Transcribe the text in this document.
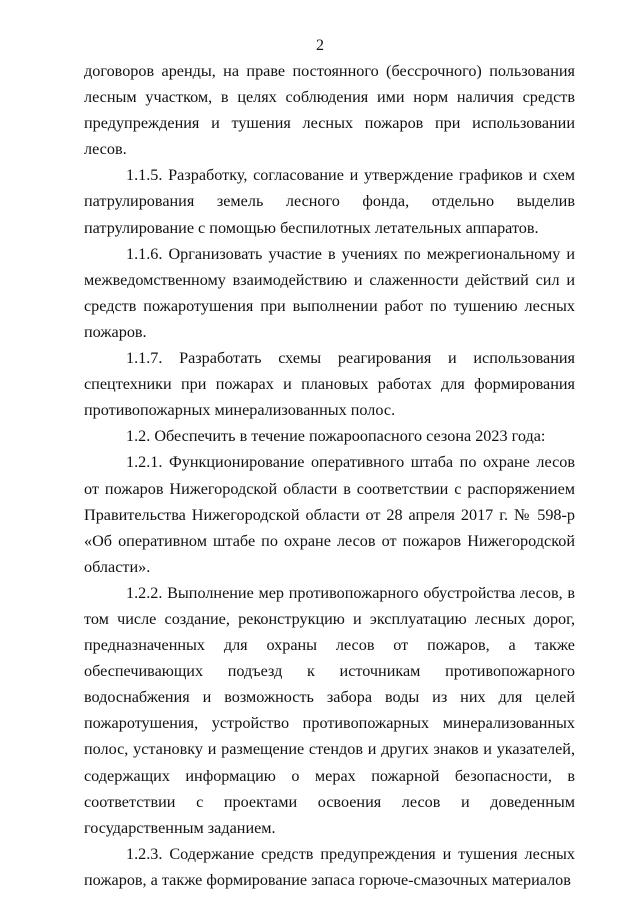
2

договоров аренды, на праве постоянного (бессрочного) пользования лесным участком, в целях соблюдения ими норм наличия средств предупреждения и тушения лесных пожаров при использовании лесов.

1.1.5. Разработку, согласование и утверждение графиков и схем патрулирования земель лесного фонда, отдельно выделив патрулирование с помощью беспилотных летательных аппаратов.

1.1.6. Организовать участие в учениях по межрегиональному и межведомственному взаимодействию и слаженности действий сил и средств пожаротушения при выполнении работ по тушению лесных пожаров.

1.1.7. Разработать схемы реагирования и использования спецтехники при пожарах и плановых работах для формирования противопожарных минерализованных полос.

1.2. Обеспечить в течение пожароопасного сезона 2023 года:

1.2.1. Функционирование оперативного штаба по охране лесов от пожаров Нижегородской области в соответствии с распоряжением Правительства Нижегородской области от 28 апреля 2017 г. № 598-р «Об оперативном штабе по охране лесов от пожаров Нижегородской области».

1.2.2. Выполнение мер противопожарного обустройства лесов, в том числе создание, реконструкцию и эксплуатацию лесных дорог, предназначенных для охраны лесов от пожаров, а также обеспечивающих подъезд к источникам противопожарного водоснабжения и возможность забора воды из них для целей пожаротушения, устройство противопожарных минерализованных полос, установку и размещение стендов и других знаков и указателей, содержащих информацию о мерах пожарной безопасности, в соответствии с проектами освоения лесов и доведенным государственным заданием.

1.2.3. Содержание средств предупреждения и тушения лесных пожаров, а также формирование запаса горюче-смазочных материалов
